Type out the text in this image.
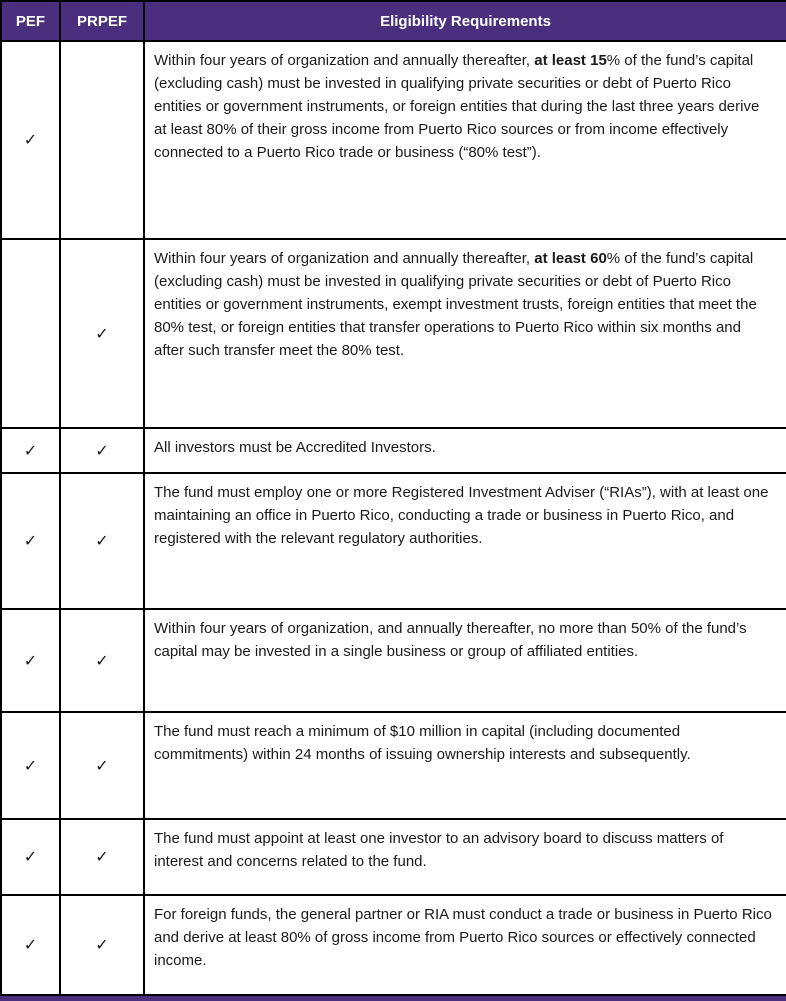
PEF	PRPEF	Eligibility Requirements
✓		Within four years of organization and annually thereafter, at least 15% of the fund’s capital (excluding cash) must be invested in qualifying private securities or debt of Puerto Rico entities or government instruments, or foreign entities that during the last three years derive at least 80% of their gross income from Puerto Rico sources or from income effectively connected to a Puerto Rico trade or business (“80% test”).
	✓	Within four years of organization and annually thereafter, at least 60% of the fund’s capital (excluding cash) must be invested in qualifying private securities or debt of Puerto Rico entities or government instruments, exempt investment trusts, foreign entities that meet the 80% test, or foreign entities that transfer operations to Puerto Rico within six months and after such transfer meet the 80% test.
✓	✓	All investors must be Accredited Investors.
✓	✓	The fund must employ one or more Registered Investment Adviser (“RIAs”), with at least one maintaining an office in Puerto Rico, conducting a trade or business in Puerto Rico, and registered with the relevant regulatory authorities.
✓	✓	Within four years of organization, and annually thereafter, no more than 50% of the fund’s capital may be invested in a single business or group of affiliated entities.
✓	✓	The fund must reach a minimum of $10 million in capital (including documented commitments) within 24 months of issuing ownership interests and subsequently.
✓	✓	The fund must appoint at least one investor to an advisory board to discuss matters of interest and concerns related to the fund.
✓	✓	For foreign funds, the general partner or RIA must conduct a trade or business in Puerto Rico and derive at least 80% of gross income from Puerto Rico sources or effectively connected income.
